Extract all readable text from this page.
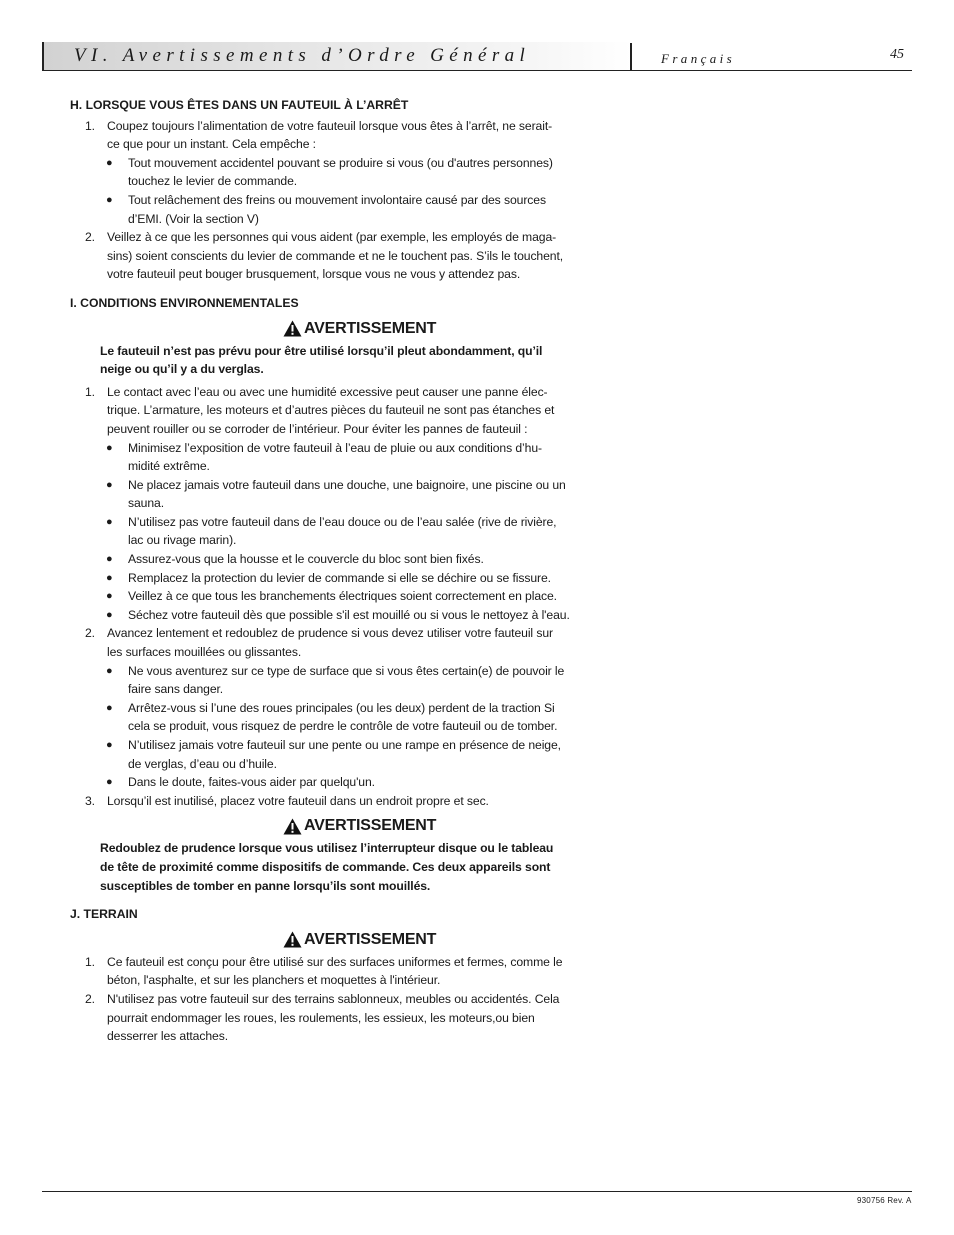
VI. Avertissements d’Ordre Général	Français	45
H. LORSQUE VOUS ÊTES DANS UN FAUTEUIL À L’ARRÊT
1. Coupez toujours l’alimentation de votre fauteuil lorsque vous êtes à l’arrêt, ne serait-
ce que pour un instant. Cela empêche :
● Tout mouvement accidentel pouvant se produire si vous (ou d'autres personnes)
touchez le levier de commande.
● Tout relâchement des freins ou mouvement involontaire causé par des sources
d’EMI. (Voir la section V)
2. Veillez à ce que les personnes qui vous aident (par exemple, les employés de maga-
sins) soient conscients du levier de commande et ne le touchent pas. S’ils le touchent,
votre fauteuil peut bouger brusquement, lorsque vous ne vous y attendez pas.
I. CONDITIONS ENVIRONNEMENTALES
AVERTISSEMENT
Le fauteuil n’est pas prévu pour être utilisé lorsqu’il pleut abondamment, qu’il
neige ou qu’il y a du verglas.
1. Le contact avec l’eau ou avec une humidité excessive peut causer une panne élec-
trique. L’armature, les moteurs et d’autres pièces du fauteuil ne sont pas étanches et
peuvent rouiller ou se corroder de l’intérieur. Pour éviter les pannes de fauteuil :
● Minimisez l’exposition de votre fauteuil à l’eau de pluie ou aux conditions d’hu-
midité extrême.
● Ne placez jamais votre fauteuil dans une douche, une baignoire, une piscine ou un
sauna.
● N’utilisez pas votre fauteuil dans de l’eau douce ou de l’eau salée (rive de rivière,
lac ou rivage marin).
● Assurez-vous que la housse et le couvercle du bloc sont bien fixés.
● Remplacez la protection du levier de commande si elle se déchire ou se fissure.
● Veillez à ce que tous les branchements électriques soient correctement en place.
● Séchez votre fauteuil dès que possible s'il est mouillé ou si vous le nettoyez à l'eau.
2. Avancez lentement et redoublez de prudence si vous devez utiliser votre fauteuil sur
les surfaces mouillées ou glissantes.
● Ne vous aventurez sur ce type de surface que si vous êtes certain(e) de pouvoir le
faire sans danger.
● Arrêtez-vous si l’une des roues principales (ou les deux) perdent de la traction Si
cela se produit, vous risquez de perdre le contrôle de votre fauteuil ou de tomber.
● N’utilisez jamais votre fauteuil sur une pente ou une rampe en présence de neige,
de verglas, d’eau ou d’huile.
● Dans le doute, faites-vous aider par quelqu'un.
3. Lorsqu’il est inutilisé, placez votre fauteuil dans un endroit propre et sec.
AVERTISSEMENT
Redoublez de prudence lorsque vous utilisez l’interrupteur disque ou le tableau
de tête de proximité comme dispositifs de commande. Ces deux appareils sont
susceptibles de tomber en panne lorsqu’ils sont mouillés.
J. TERRAIN
AVERTISSEMENT
1. Ce fauteuil est conçu pour être utilisé sur des surfaces uniformes et fermes, comme le
béton, l'asphalte, et sur les planchers et moquettes à l'intérieur.
2. N'utilisez pas votre fauteuil sur des terrains sablonneux, meubles ou accidentés. Cela
pourrait endommager les roues, les roulements, les essieux, les moteurs,ou bien
desserrer les attaches.
930756 Rev. A
